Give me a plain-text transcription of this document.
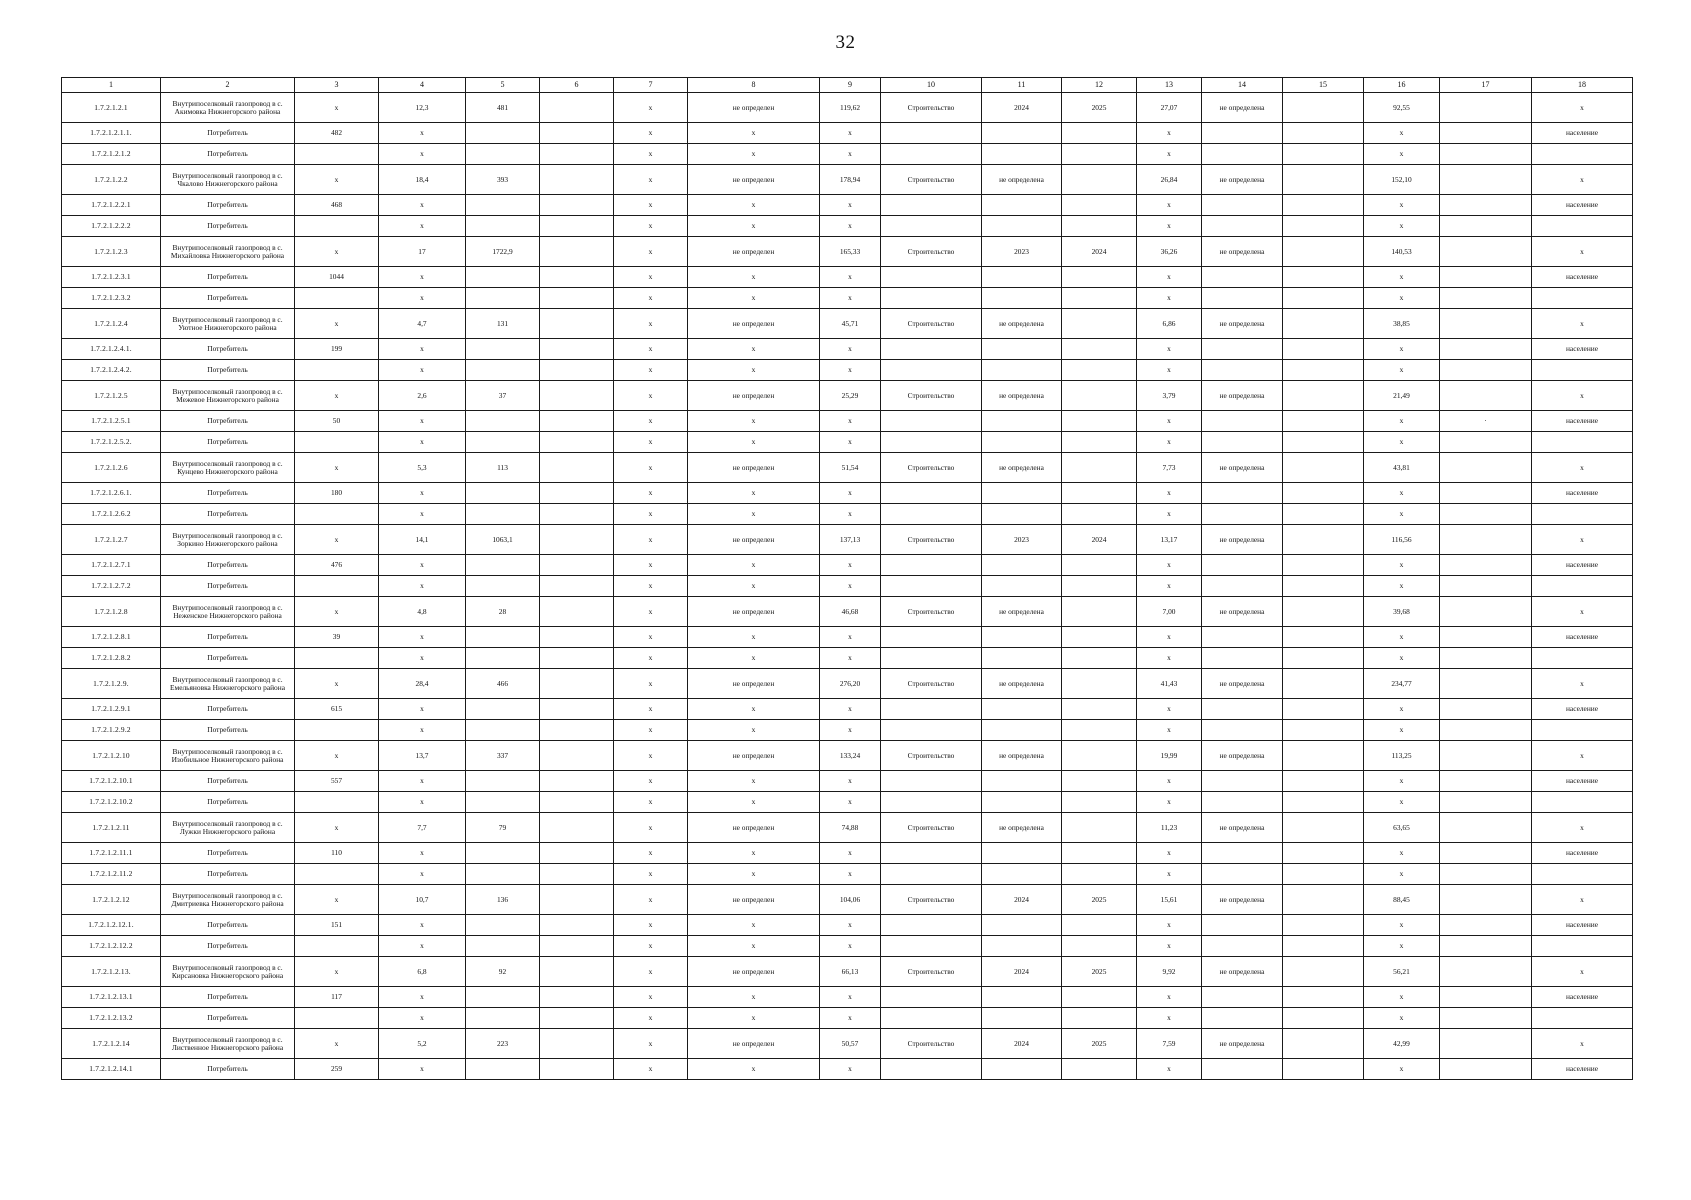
32
1	2	3	4	5	6	7	8	9	10	11	12	13	14	15	16	17	18
1.7.2.1.2.1	Внутрипоселковый газопровод в с. Акимовка Нижнегорского района	x	12,3	481		x	не определен	119,62	Строительство	2024	2025	27,07	не определена		92,55		x
1.7.2.1.2.1.1.	Потребитель	482	x			x	x	x				x			x		население
1.7.2.1.2.1.2	Потребитель		x			x	x	x				x			x		
1.7.2.1.2.2	Внутрипоселковый газопровод в с. Чкалово Нижнегорского района	x	18,4	393		x	не определен	178,94	Строительство	не определена		26,84	не определена		152,10		x
1.7.2.1.2.2.1	Потребитель	468	x			x	x	x				x			x		население
1.7.2.1.2.2.2	Потребитель		x			x	x	x				x			x		
1.7.2.1.2.3	Внутрипоселковый газопровод в с. Михайловка Нижнегорского района	x	17	1722,9		x	не определен	165,33	Строительство	2023	2024	36,26	не определена		140,53		x
1.7.2.1.2.3.1	Потребитель	1044	x			x	x	x				x			x		население
1.7.2.1.2.3.2	Потребитель		x			x	x	x				x			x		
1.7.2.1.2.4	Внутрипоселковый газопровод в с. Уютное Нижнегорского района	x	4,7	131		x	не определен	45,71	Строительство	не определена		6,86	не определена		38,85		x
1.7.2.1.2.4.1.	Потребитель	199	x			x	x	x				x			x		население
1.7.2.1.2.4.2.	Потребитель		x			x	x	x				x			x		
1.7.2.1.2.5	Внутрипоселковый газопровод в с. Межевое Нижнегорского района	x	2,6	37		x	не определен	25,29	Строительство	не определена		3,79	не определена		21,49		x
1.7.2.1.2.5.1	Потребитель	50	x			x	x	x				x			x	·	население
1.7.2.1.2.5.2.	Потребитель		x			x	x	x				x			x		
1.7.2.1.2.6	Внутрипоселковый газопровод в с. Кунцево Нижнегорского района	x	5,3	113		x	не определен	51,54	Строительство	не определена		7,73	не определена		43,81		x
1.7.2.1.2.6.1.	Потребитель	180	x			x	x	x				x			x		население
1.7.2.1.2.6.2	Потребитель		x			x	x	x				x			x		
1.7.2.1.2.7	Внутрипоселковый газопровод в с. Зоркино Нижнегорского района	x	14,1	1063,1		x	не определен	137,13	Строительство	2023	2024	13,17	не определена		116,56		x
1.7.2.1.2.7.1	Потребитель	476	x			x	x	x				x			x		население
1.7.2.1.2.7.2	Потребитель		x			x	x	x				x			x		
1.7.2.1.2.8	Внутрипоселковый газопровод в с. Неженское Нижнегорского района	x	4,8	28		x	не определен	46,68	Строительство	не определена		7,00	не определена		39,68		x
1.7.2.1.2.8.1	Потребитель	39	x			x	x	x				x			x		население
1.7.2.1.2.8.2	Потребитель		x			x	x	x				x			x		
1.7.2.1.2.9.	Внутрипоселковый газопровод в с. Емельяновка Нижнегорского района	x	28,4	466		x	не определен	276,20	Строительство	не определена		41,43	не определена		234,77		x
1.7.2.1.2.9.1	Потребитель	615	x			x	x	x				x			x		население
1.7.2.1.2.9.2	Потребитель		x			x	x	x				x			x		
1.7.2.1.2.10	Внутрипоселковый газопровод в с. Изобильное Нижнегорского района	x	13,7	337		x	не определен	133,24	Строительство	не определена		19,99	не определена		113,25		x
1.7.2.1.2.10.1	Потребитель	557	x			x	x	x				x			x		население
1.7.2.1.2.10.2	Потребитель		x			x	x	x				x			x		
1.7.2.1.2.11	Внутрипоселковый газопровод в с. Лужки Нижнегорского района	x	7,7	79		x	не определен	74,88	Строительство	не определена		11,23	не определена		63,65		x
1.7.2.1.2.11.1	Потребитель	110	x			x	x	x				x			x		население
1.7.2.1.2.11.2	Потребитель		x			x	x	x				x			x		
1.7.2.1.2.12	Внутрипоселковый газопровод в с. Дмитриевка Нижнегорского района	x	10,7	136		x	не определен	104,06	Строительство	2024	2025	15,61	не определена		88,45		x
1.7.2.1.2.12.1.	Потребитель	151	x			x	x	x				x			x		население
1.7.2.1.2.12.2	Потребитель		x			x	x	x				x			x		
1.7.2.1.2.13.	Внутрипоселковый газопровод в с. Кирсановка Нижнегорского района	x	6,8	92		x	не определен	66,13	Строительство	2024	2025	9,92	не определена		56,21		x
1.7.2.1.2.13.1	Потребитель	117	x			x	x	x				x			x		население
1.7.2.1.2.13.2	Потребитель		x			x	x	x				x			x		
1.7.2.1.2.14	Внутрипоселковый газопровод в с. Лиственное Нижнегорского района	x	5,2	223		x	не определен	50,57	Строительство	2024	2025	7,59	не определена		42,99		x
1.7.2.1.2.14.1	Потребитель	259	x			x	x	x				x			x		население
